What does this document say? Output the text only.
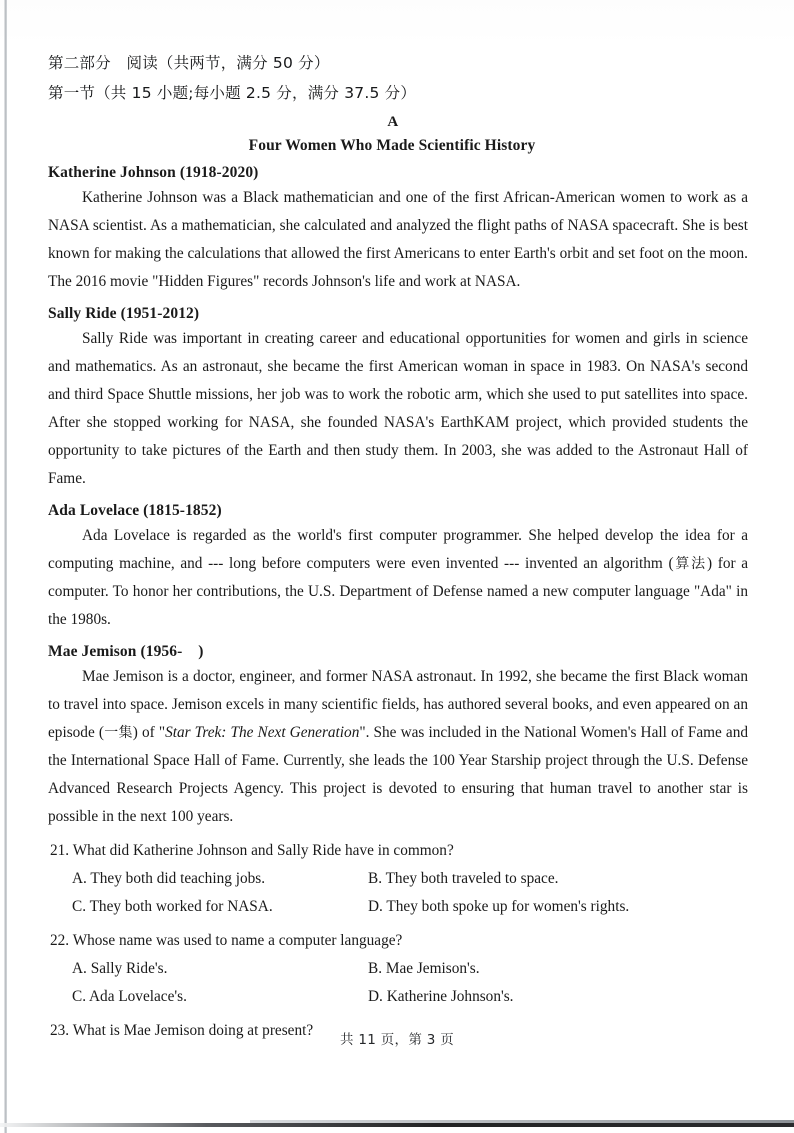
第二部分　阅读（共两节，满分 50 分）
第一节（共 15 小题;每小题 2.5 分，满分 37.5 分）
A
Four Women Who Made Scientific History
Katherine Johnson (1918-2020)

Katherine Johnson was a Black mathematician and one of the first African-American women to work as a NASA scientist. As a mathematician, she calculated and analyzed the flight paths of NASA spacecraft. She is best known for making the calculations that allowed the first Americans to enter Earth's orbit and set foot on the moon. The 2016 movie "Hidden Figures" records Johnson's life and work at NASA.

Sally Ride (1951-2012)

Sally Ride was important in creating career and educational opportunities for women and girls in science and mathematics. As an astronaut, she became the first American woman in space in 1983. On NASA's second and third Space Shuttle missions, her job was to work the robotic arm, which she used to put satellites into space. After she stopped working for NASA, she founded NASA's EarthKAM project, which provided students the opportunity to take pictures of the Earth and then study them. In 2003, she was added to the Astronaut Hall of Fame.

Ada Lovelace (1815-1852)

Ada Lovelace is regarded as the world's first computer programmer. She helped develop the idea for a computing machine, and --- long before computers were even invented --- invented an algorithm (算法) for a computer. To honor her contributions, the U.S. Department of Defense named a new computer language "Ada" in the 1980s.

Mae Jemison (1956-    )

Mae Jemison is a doctor, engineer, and former NASA astronaut. In 1992, she became the first Black woman to travel into space. Jemison excels in many scientific fields, has authored several books, and even appeared on an episode (一集) of "Star Trek: The Next Generation". She was included in the National Women's Hall of Fame and the International Space Hall of Fame. Currently, she leads the 100 Year Starship project through the U.S. Defense Advanced Research Projects Agency. This project is devoted to ensuring that human travel to another star is possible in the next 100 years.

21. What did Katherine Johnson and Sally Ride have in common?
A. They both did teaching jobs.	B. They both traveled to space.
C. They both worked for NASA.	D. They both spoke up for women's rights.
22. Whose name was used to name a computer language?
A. Sally Ride's.	B. Mae Jemison's.
C. Ada Lovelace's.	D. Katherine Johnson's.
23. What is Mae Jemison doing at present?
共 11 页，第 3 页
